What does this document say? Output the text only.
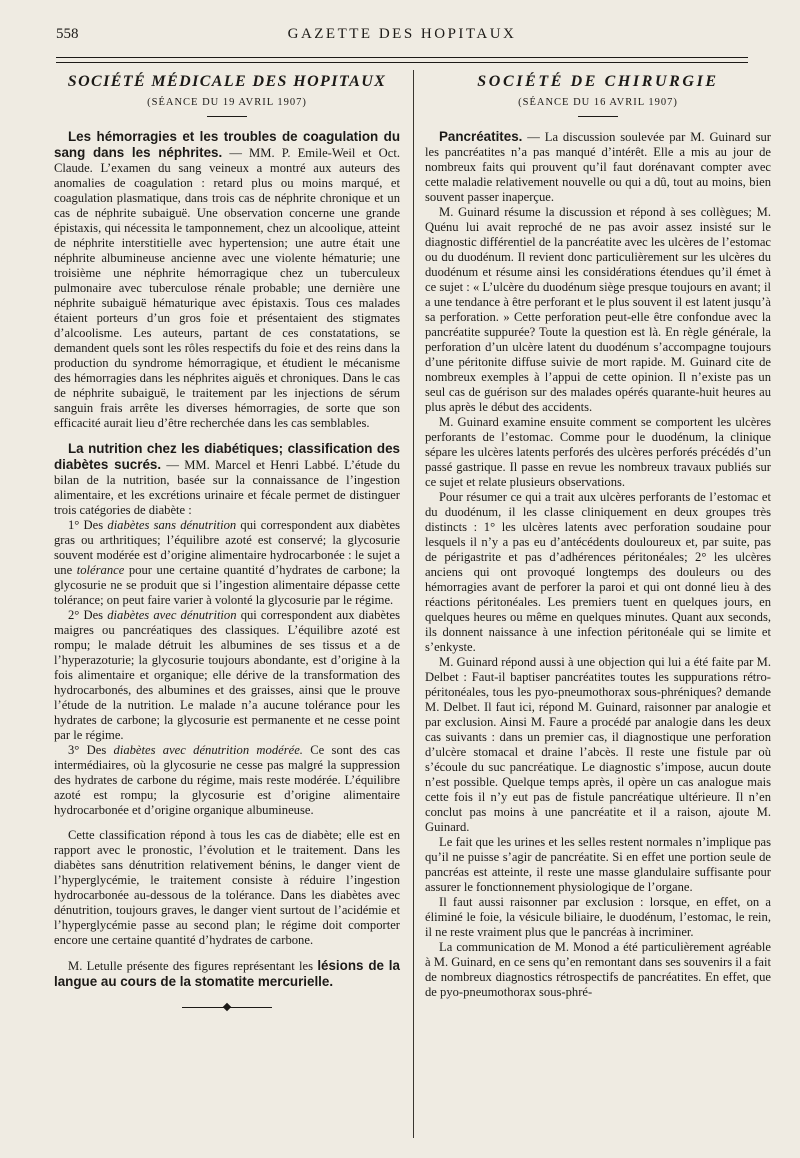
558	GAZETTE DES HOPITAUX
SOCIÉTÉ MÉDICALE DES HOPITAUX
(SÉANCE DU 19 AVRIL 1907)

Les hémorragies et les troubles de coagulation du sang dans les néphrites. — MM. P. Emile-Weil et Oct. Claude. L’examen du sang veineux a montré aux auteurs des anomalies de coagulation : retard plus ou moins marqué, et coagulation plasmatique, dans trois cas de néphrite chronique et un cas de néphrite subaiguë. Une observation concerne une grande épistaxis, qui nécessita le tamponnement, chez un alcoolique, atteint de néphrite interstitielle avec hypertension; une autre était une néphrite albumineuse ancienne avec une violente hématurie; une troisième une néphrite hémorragique chez un tuberculeux pulmonaire avec tuberculose rénale probable; une dernière une néphrite subaiguë hématurique avec épistaxis. Tous ces malades étaient porteurs d’un gros foie et présentaient des stigmates d’alcoolisme. Les auteurs, partant de ces constatations, se demandent quels sont les rôles respectifs du foie et des reins dans la production du syndrome hémorragique, et étudient le mécanisme des hémorragies dans les néphrites aiguës et chroniques. Dans le cas de néphrite subaiguë, le traitement par les injections de sérum sanguin frais arrête les diverses hémorragies, de sorte que son efficacité aurait lieu d’être recherchée dans les cas semblables.

La nutrition chez les diabétiques; classification des diabètes sucrés. — MM. Marcel et Henri Labbé. L’étude du bilan de la nutrition, basée sur la connaissance de l’ingestion alimentaire, et les excrétions urinaire et fécale permet de distinguer trois catégories de diabète :

1° Des diabètes sans dénutrition qui correspondent aux diabètes gras ou arthritiques; l’équilibre azoté est conservé; la glycosurie souvent modérée est d’origine alimentaire hydrocarbonée : le sujet a une tolérance pour une certaine quantité d’hydrates de carbone; la glycosurie ne se produit que si l’ingestion alimentaire dépasse cette tolérance; on peut faire varier à volonté la glycosurie par le régime.

2° Des diabètes avec dénutrition qui correspondent aux diabètes maigres ou pancréatiques des classiques. L’équilibre azoté est rompu; le malade détruit les albumines de ses tissus et a de l’hyperazoturie; la glycosurie toujours abondante, est d’origine à la fois alimentaire et organique; elle dérive de la transformation des hydrocarbonés, des albumines et des graisses, ainsi que le prouve l’étude de la nutrition. Le malade n’a aucune tolérance pour les hydrates de carbone; la glycosurie est permanente et ne cesse point par le régime.

3° Des diabètes avec dénutrition modérée. Ce sont des cas intermédiaires, où la glycosurie ne cesse pas malgré la suppression des hydrates de carbone du régime, mais reste modérée. L’équilibre azoté est rompu; la glycosurie est d’origine alimentaire hydrocarbonée et d’origine organique albumineuse.

Cette classification répond à tous les cas de diabète; elle est en rapport avec le pronostic, l’évolution et le traitement. Dans les diabètes sans dénutrition relativement bénins, le danger vient de l’hyperglycémie, le traitement consiste à réduire l’ingestion hydrocarbonée au-dessous de la tolérance. Dans les diabètes avec dénutrition, toujours graves, le danger vient surtout de l’acidémie et l’hyperglycémie passe au second plan; le régime doit comporter encore une certaine quantité d’hydrates de carbone.

M. Letulle présente des figures représentant les lésions de la langue au cours de la stomatite mercurielle.

SOCIÉTÉ DE CHIRURGIE
(SÉANCE DU 16 AVRIL 1907)

Pancréatites. — La discussion soulevée par M. Guinard sur les pancréatites n’a pas manqué d’intérêt. Elle a mis au jour de nombreux faits qui prouvent qu’il faut dorénavant compter avec cette maladie relativement nouvelle ou qui a dû, tout au moins, bien souvent passer inaperçue.

M. Guinard résume la discussion et répond à ses collègues; M. Quénu lui avait reproché de ne pas avoir assez insisté sur le diagnostic différentiel de la pancréatite avec les ulcères de l’estomac ou du duodénum. Il revient donc particulièrement sur les ulcères du duodénum et résume ainsi les considérations étendues qu’il émet à ce sujet : « L’ulcère du duodénum siège presque toujours en avant; il a une tendance à être perforant et le plus souvent il est latent jusqu’à sa perforation. » Cette perforation peut-elle être confondue avec la pancréatite suppurée? Toute la question est là. En règle générale, la perforation d’un ulcère latent du duodénum s’accompagne toujours d’une péritonite diffuse suivie de mort rapide. M. Guinard cite de nombreux exemples à l’appui de cette opinion. Il n’existe pas un seul cas de guérison sur des malades opérés quarante-huit heures au plus après le début des accidents.

M. Guinard examine ensuite comment se comportent les ulcères perforants de l’estomac. Comme pour le duodénum, la clinique sépare les ulcères latents perforés des ulcères perforés précédés d’un passé gastrique. Il passe en revue les nombreux travaux publiés sur ce sujet et relate plusieurs observations.

Pour résumer ce qui a trait aux ulcères perforants de l’estomac et du duodénum, il les classe cliniquement en deux groupes très distincts : 1° les ulcères latents avec perforation soudaine pour lesquels il n’y a pas eu d’antécédents douloureux et, par suite, pas de périgastrite et pas d’adhérences péritonéales; 2° les ulcères anciens qui ont provoqué longtemps des douleurs ou des hémorragies avant de perforer la paroi et qui ont donné lieu à des réactions péritonéales. Les premiers tuent en quelques jours, en quelques heures ou même en quelques minutes. Quant aux seconds, ils donnent naissance à une infection péritonéale qui se limite et s’enkyste.

M. Guinard répond aussi à une objection qui lui a été faite par M. Delbet : Faut-il baptiser pancréatites toutes les suppurations rétro-péritonéales, tous les pyo-pneumothorax sous-phréniques? demande M. Delbet. Il faut ici, répond M. Guinard, raisonner par analogie et par exclusion. Ainsi M. Faure a procédé par analogie dans les deux cas suivants : dans un premier cas, il diagnostique une perforation d’ulcère stomacal et draine l’abcès. Il reste une fistule par où s’écoule du suc pancréatique. Le diagnostic s’impose, aucun doute n’est possible. Quelque temps après, il opère un cas analogue mais cette fois il n’y eut pas de fistule pancréatique ultérieure. Il n’en conclut pas moins à une pancréatite et il a raison, ajoute M. Guinard.

Le fait que les urines et les selles restent normales n’implique pas qu’il ne puisse s’agir de pancréatite. Si en effet une portion seule de pancréas est atteinte, il reste une masse glandulaire suffisante pour assurer le fonctionnement physiologique de l’organe.

Il faut aussi raisonner par exclusion : lorsque, en effet, on a éliminé le foie, la vésicule biliaire, le duodénum, l’estomac, le rein, il ne reste vraiment plus que le pancréas à incriminer.

La communication de M. Monod a été particulièrement agréable à M. Guinard, en ce sens qu’en remontant dans ses souvenirs il a fait de nombreux diagnostics rétrospectifs de pancréatites. En effet, que de pyo-pneumothorax sous-phré-
